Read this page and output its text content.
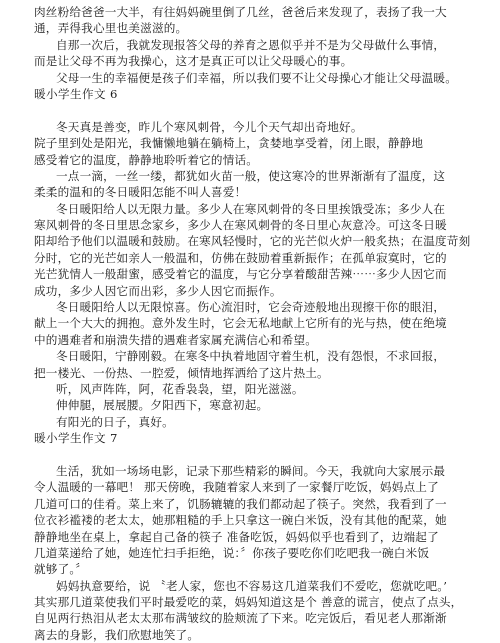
肉丝粉给爸爸一大半，有往妈妈碗里倒了几丝，爸爸后来发现了，表扬了我一大
通，弄得我心里也美滋滋的。
自那一次后，我就发现报答父母的养育之恩似乎并不是为父母做什么事情，
而是让父母不再为我操心，这才是真正可以让父母暖心的事。
父母一生的幸福便是孩子们幸福，所以我们要不让父母操心才能让父母温暖。
暖小学生作文 6
冬天真是善变，昨儿个寒风刺骨，今儿个天气却出奇地好。
院子里到处是阳光，我慵懒地躺在躺椅上，贪婪地享受着，闭上眼，静静地
感受着它的温度，静静地聆听着它的情话。
一点一滴，一丝一缕，都犹如火苗一般，使这寒冷的世界渐渐有了温度，这
柔柔的温和的冬日暖阳怎能不叫人喜爱！
冬日暖阳给人以无限力量。多少人在寒风刺骨的冬日里挨饿受冻；多少人在
寒风刺骨的冬日里思念家乡，多少人在寒风刺骨的冬日里心灰意冷。可这冬日暖
阳却给予他们以温暖和鼓励。在寒风轻慢时，它的光芒似火炉一般炙热；在温度苛刻
分时，它的光芒如亲人一般温和，仿佛在鼓励着重新振作；在孤单寂寞时，它的
光芒犹情人一般甜蜜，感受着它的温度，与它分享着酸甜苦辣⋯⋯多少人因它而
成功，多少人因它而出彩，多少人因它而振作。
冬日暖阳给人以无限惊喜。伤心流泪时，它会奇迹般地出现擦干你的眼泪，
献上一个大大的拥抱。意外发生时，它会无私地献上它所有的光与热，使在绝境
中的遇难者和崩溃失措的遇难者家属充满信心和希望。
冬日暖阳，宁静刚毅。在寒冬中执着地固守着生机，没有怨恨，不求回报，
把一楼光、一份热、一腔爱，倾情地挥洒给了这片热土。
听，风声阵阵，阿，花香袅袅，望，阳光滋滋。
伸伸腿，展展腰。夕阳西下，寒意初起。
有阳光的日子，真好。
暖小学生作文 7
生活，犹如一场场电影，记录下那些精彩的瞬间。今天，我就向大家展示最
令人温暖的一幕吧！ 那天傍晚，我随着家人来到了一家餐厅吃饭，妈妈点上了
几道可口的佳肴。菜上来了，饥肠辘辘的我们都动起了筷子。突然，我看到了一
位衣衫褴褛的老太太，她那粗糙的手上只拿这一碗白米饭，没有其他的配菜，她
静静地坐在桌上，拿起自己备的筷子 准备吃饭，妈妈似乎也看到了，边端起了
几道菜递给了她，她连忙扫手拒绝，说：〞你孩子要吃你们吃吧我一碗白米饭
就够了。〞
妈妈执意要给，说 〝老人家，您也不容易这几道菜我们不爱吃，您就吃吧。’
其实那几道菜使我们平时最爱吃的菜，妈妈知道这是个 善意的谎言，使点了点头，
自见两行热泪从老太太那布满皱纹的脸颊流了下来。吃完饭后，看见老人那渐渐
离去的身影，我们欣慰地笑了。
